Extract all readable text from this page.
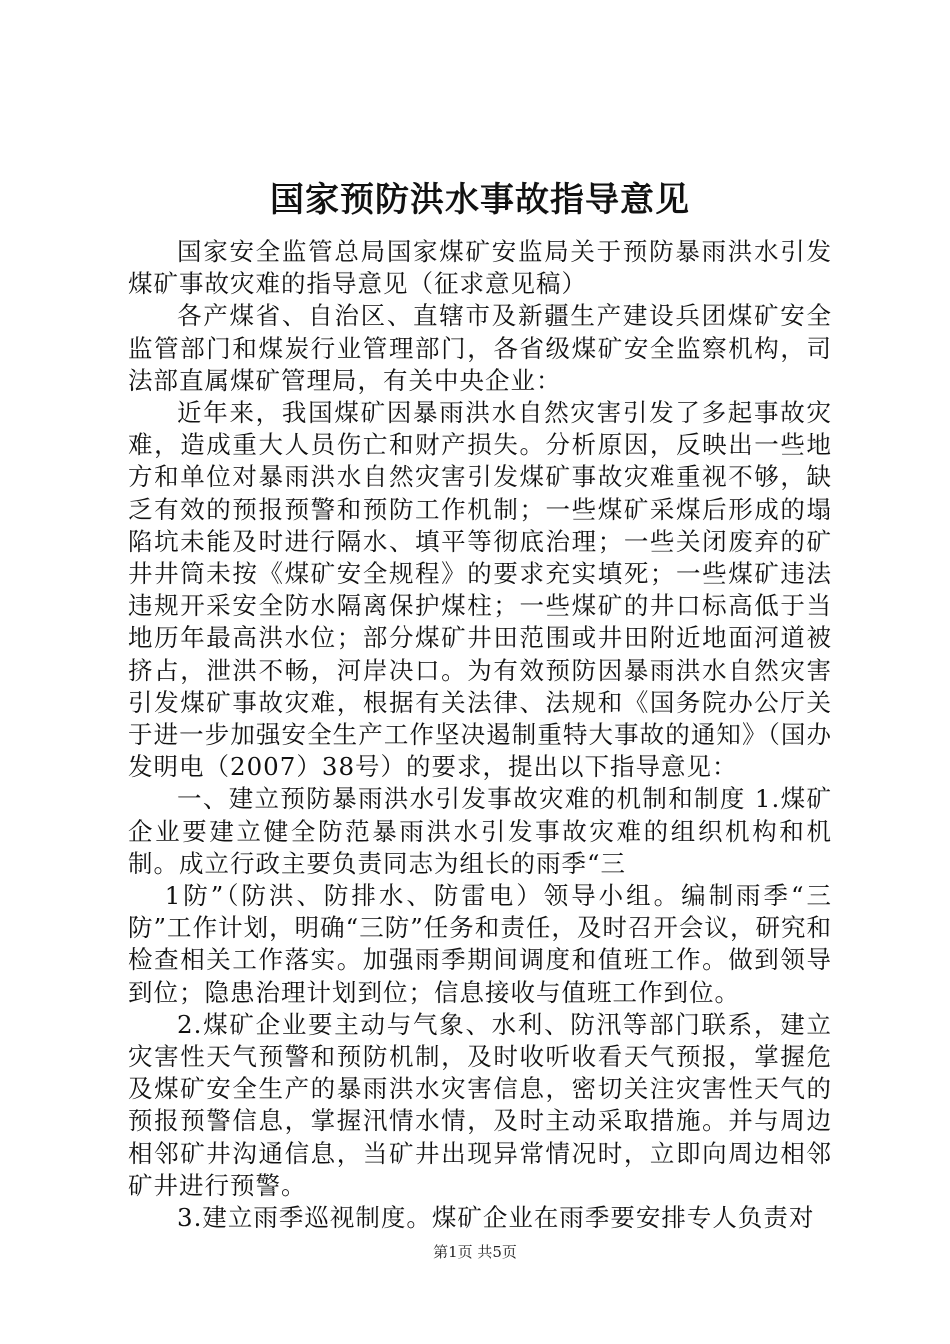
国家预防洪水事故指导意见

国家安全监管总局国家煤矿安监局关于预防暴雨洪水引发煤矿事故灾难的指导意见（征求意见稿）

各产煤省、自治区、直辖市及新疆生产建设兵团煤矿安全监管部门和煤炭行业管理部门，各省级煤矿安全监察机构，司法部直属煤矿管理局，有关中央企业：

近年来，我国煤矿因暴雨洪水自然灾害引发了多起事故灾难，造成重大人员伤亡和财产损失。分析原因，反映出一些地方和单位对暴雨洪水自然灾害引发煤矿事故灾难重视不够，缺乏有效的预报预警和预防工作机制；一些煤矿采煤后形成的塌陷坑未能及时进行隔水、填平等彻底治理；一些关闭废弃的矿井井筒未按《煤矿安全规程》的要求充实填死；一些煤矿违法违规开采安全防水隔离保护煤柱；一些煤矿的井口标高低于当地历年最高洪水位；部分煤矿井田范围或井田附近地面河道被挤占，泄洪不畅，河岸决口。为有效预防因暴雨洪水自然灾害引发煤矿事故灾难，根据有关法律、法规和《国务院办公厅关于进一步加强安全生产工作坚决遏制重特大事故的通知》（国办发明电（2007）38号）的要求，提出以下指导意见：

一、建立预防暴雨洪水引发事故灾难的机制和制度 1.煤矿企业要建立健全防范暴雨洪水引发事故灾难的组织机构和机制。成立行政主要负责同志为组长的雨季“三

1防”（防洪、防排水、防雷电）领导小组。编制雨季“三防”工作计划，明确“三防”任务和责任，及时召开会议，研究和检查相关工作落实。加强雨季期间调度和值班工作。做到领导到位；隐患治理计划到位；信息接收与值班工作到位。

2.煤矿企业要主动与气象、水利、防汛等部门联系，建立灾害性天气预警和预防机制，及时收听收看天气预报，掌握危及煤矿安全生产的暴雨洪水灾害信息，密切关注灾害性天气的预报预警信息，掌握汛情水情，及时主动采取措施。并与周边相邻矿井沟通信息，当矿井出现异常情况时，立即向周边相邻矿井进行预警。

3.建立雨季巡视制度。煤矿企业在雨季要安排专人负责对

第1页 共5页
